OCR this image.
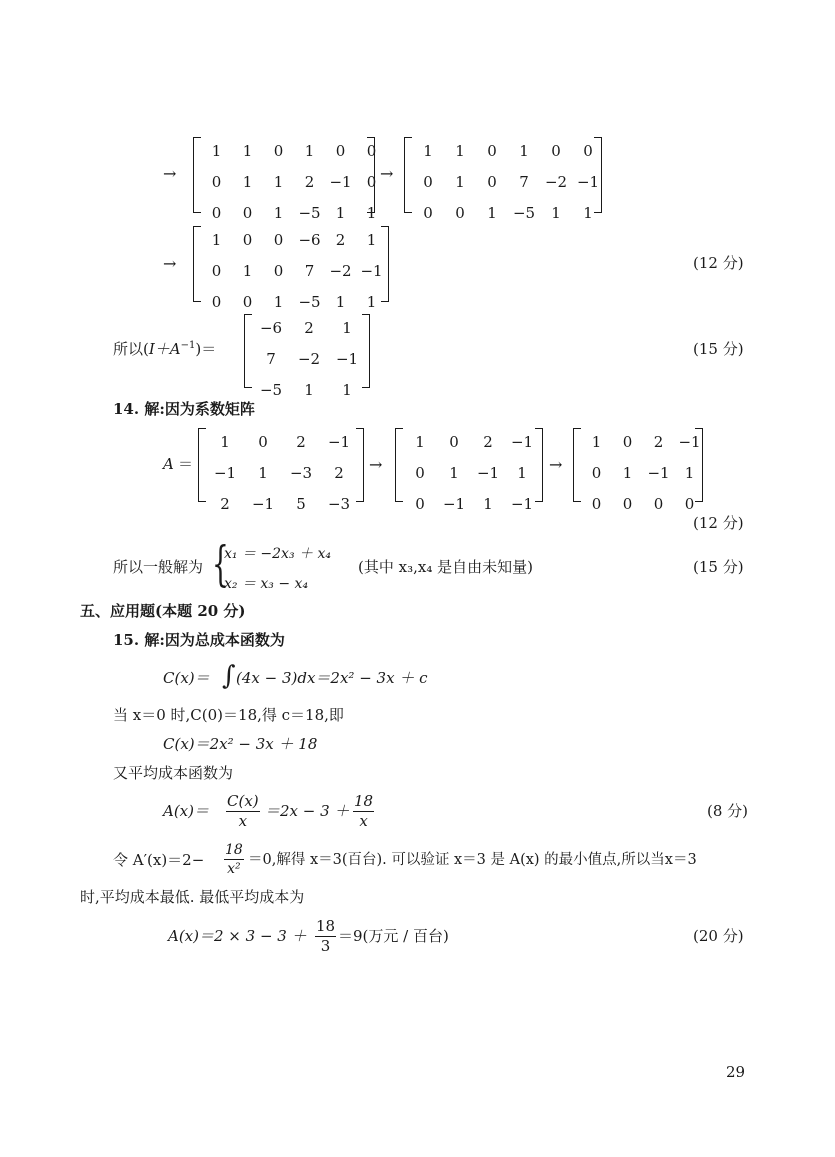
→
1	1	0	1	0	0
0	1	1	2	−1	0
0	0	1	−5	1	1
→
1	1	0	1	0	0
0	1	0	7	−2 −1
0	0	1	−5	1	1
→
1	0	0	−6	2	1
0	1	0	7	−2 −1
0	0	1	−5	1	1
(12 分)
所以$(I+A^{-1})=$
−6	2	1
7	−2	−1
−5	1	1
(15 分)
14. 解:因为系数矩阵
A ＝
1	0	2	−1
−1	1	−3	2
2	−1	5	−3
→
1	0	2	−1
0	1	−1	1
0	−1	1	−1
→
1	0	2	−1
0	1	−1	1
0	0	0	0
(12 分)
所以一般解为 {
x₁ ＝ −2x₃ ＋ x₄
x₂ ＝ x₃ − x₄
(其中 x₃,x₄ 是自由未知量)	(15 分)
五、应用题(本题 20 分)
15. 解:因为总成本函数为
C(x)＝ ∫ (4x − 3)dx＝2x² − 3x ＋ c
当 x＝0 时,C(0)＝18,得 c＝18,即
C(x)＝2x² − 3x ＋ 18
又平均成本函数为
$A(x)= \frac{C(x)}{x} =2x - 3 + \frac{18}{x}$	(8 分)
令 $A'(x)=2- \frac{18}{\text{x²}} =0$,解得 x＝3(百台). 可以验证 x＝3 是 A(x) 的最小值点,所以当x＝3
时,平均成本最低. 最低平均成本为
$A(x)=2 \times 3 - 3 + \frac{18}{3} =9$(万元 / 百台)	(20 分)
29
